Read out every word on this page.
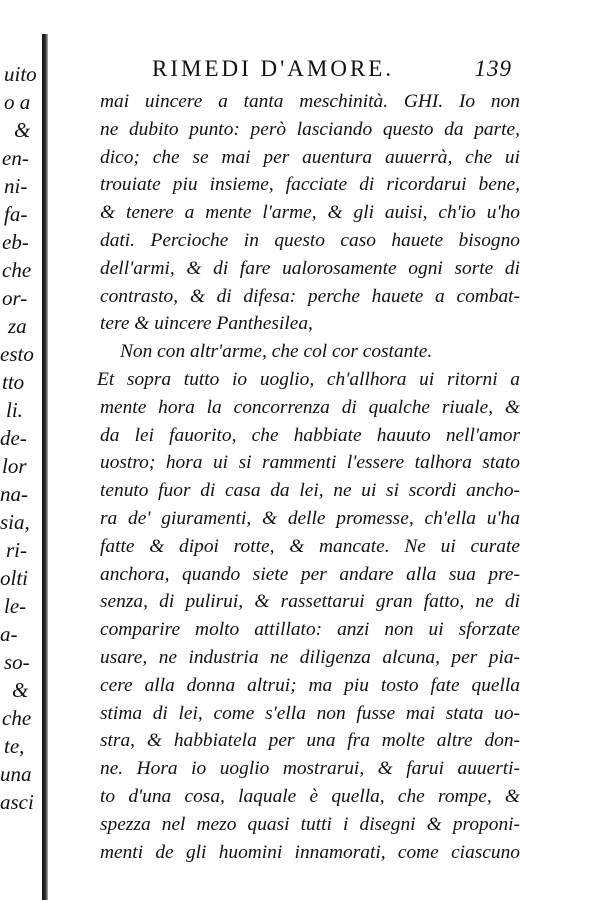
uito
o a
&
en-
ni-
fa-
eb-
che
or-
za
esto
tto
li.
de-
lor
na-
sia,
ri-
olti
le-
a-
so-
&
che
te,
una
asci
RIMEDI D'AMORE.	139
mai uincere a tanta meschinità. GHI. Io non
ne dubito punto: però lasciando questo da parte,
dico; che se mai per auentura auuerrà, che ui
trouiate piu insieme, facciate di ricordarui bene,
& tenere a mente l'arme, & gli auisi, ch'io u'ho
dati. Percioche in questo caso hauete bisogno
dell'armi, & di fare ualorosamente ogni sorte di
contrasto, & di difesa: perche hauete a combat-
tere & uincere Panthesilea,
Non con altr'arme, che col cor costante.
Et sopra tutto io uoglio, ch'allhora ui ritorni a
mente hora la concorrenza di qualche riuale, &
da lei fauorito, che habbiate hauuto nell'amor
uostro; hora ui si rammenti l'essere talhora stato
tenuto fuor di casa da lei, ne ui si scordi ancho-
ra de' giuramenti, & delle promesse, ch'ella u'ha
fatte & dipoi rotte, & mancate. Ne ui curate
anchora, quando siete per andare alla sua pre-
senza, di pulirui, & rassettarui gran fatto, ne di
comparire molto attillato: anzi non ui sforzate
usare, ne industria ne diligenza alcuna, per pia-
cere alla donna altrui; ma piu tosto fate quella
stima di lei, come s'ella non fusse mai stata uo-
stra, & habbiatela per una fra molte altre don-
ne. Hora io uoglio mostrarui, & farui auuerti-
to d'una cosa, laquale è quella, che rompe, &
spezza nel mezo quasi tutti i disegni & proponi-
menti de gli huomini innamorati, come ciascuno
